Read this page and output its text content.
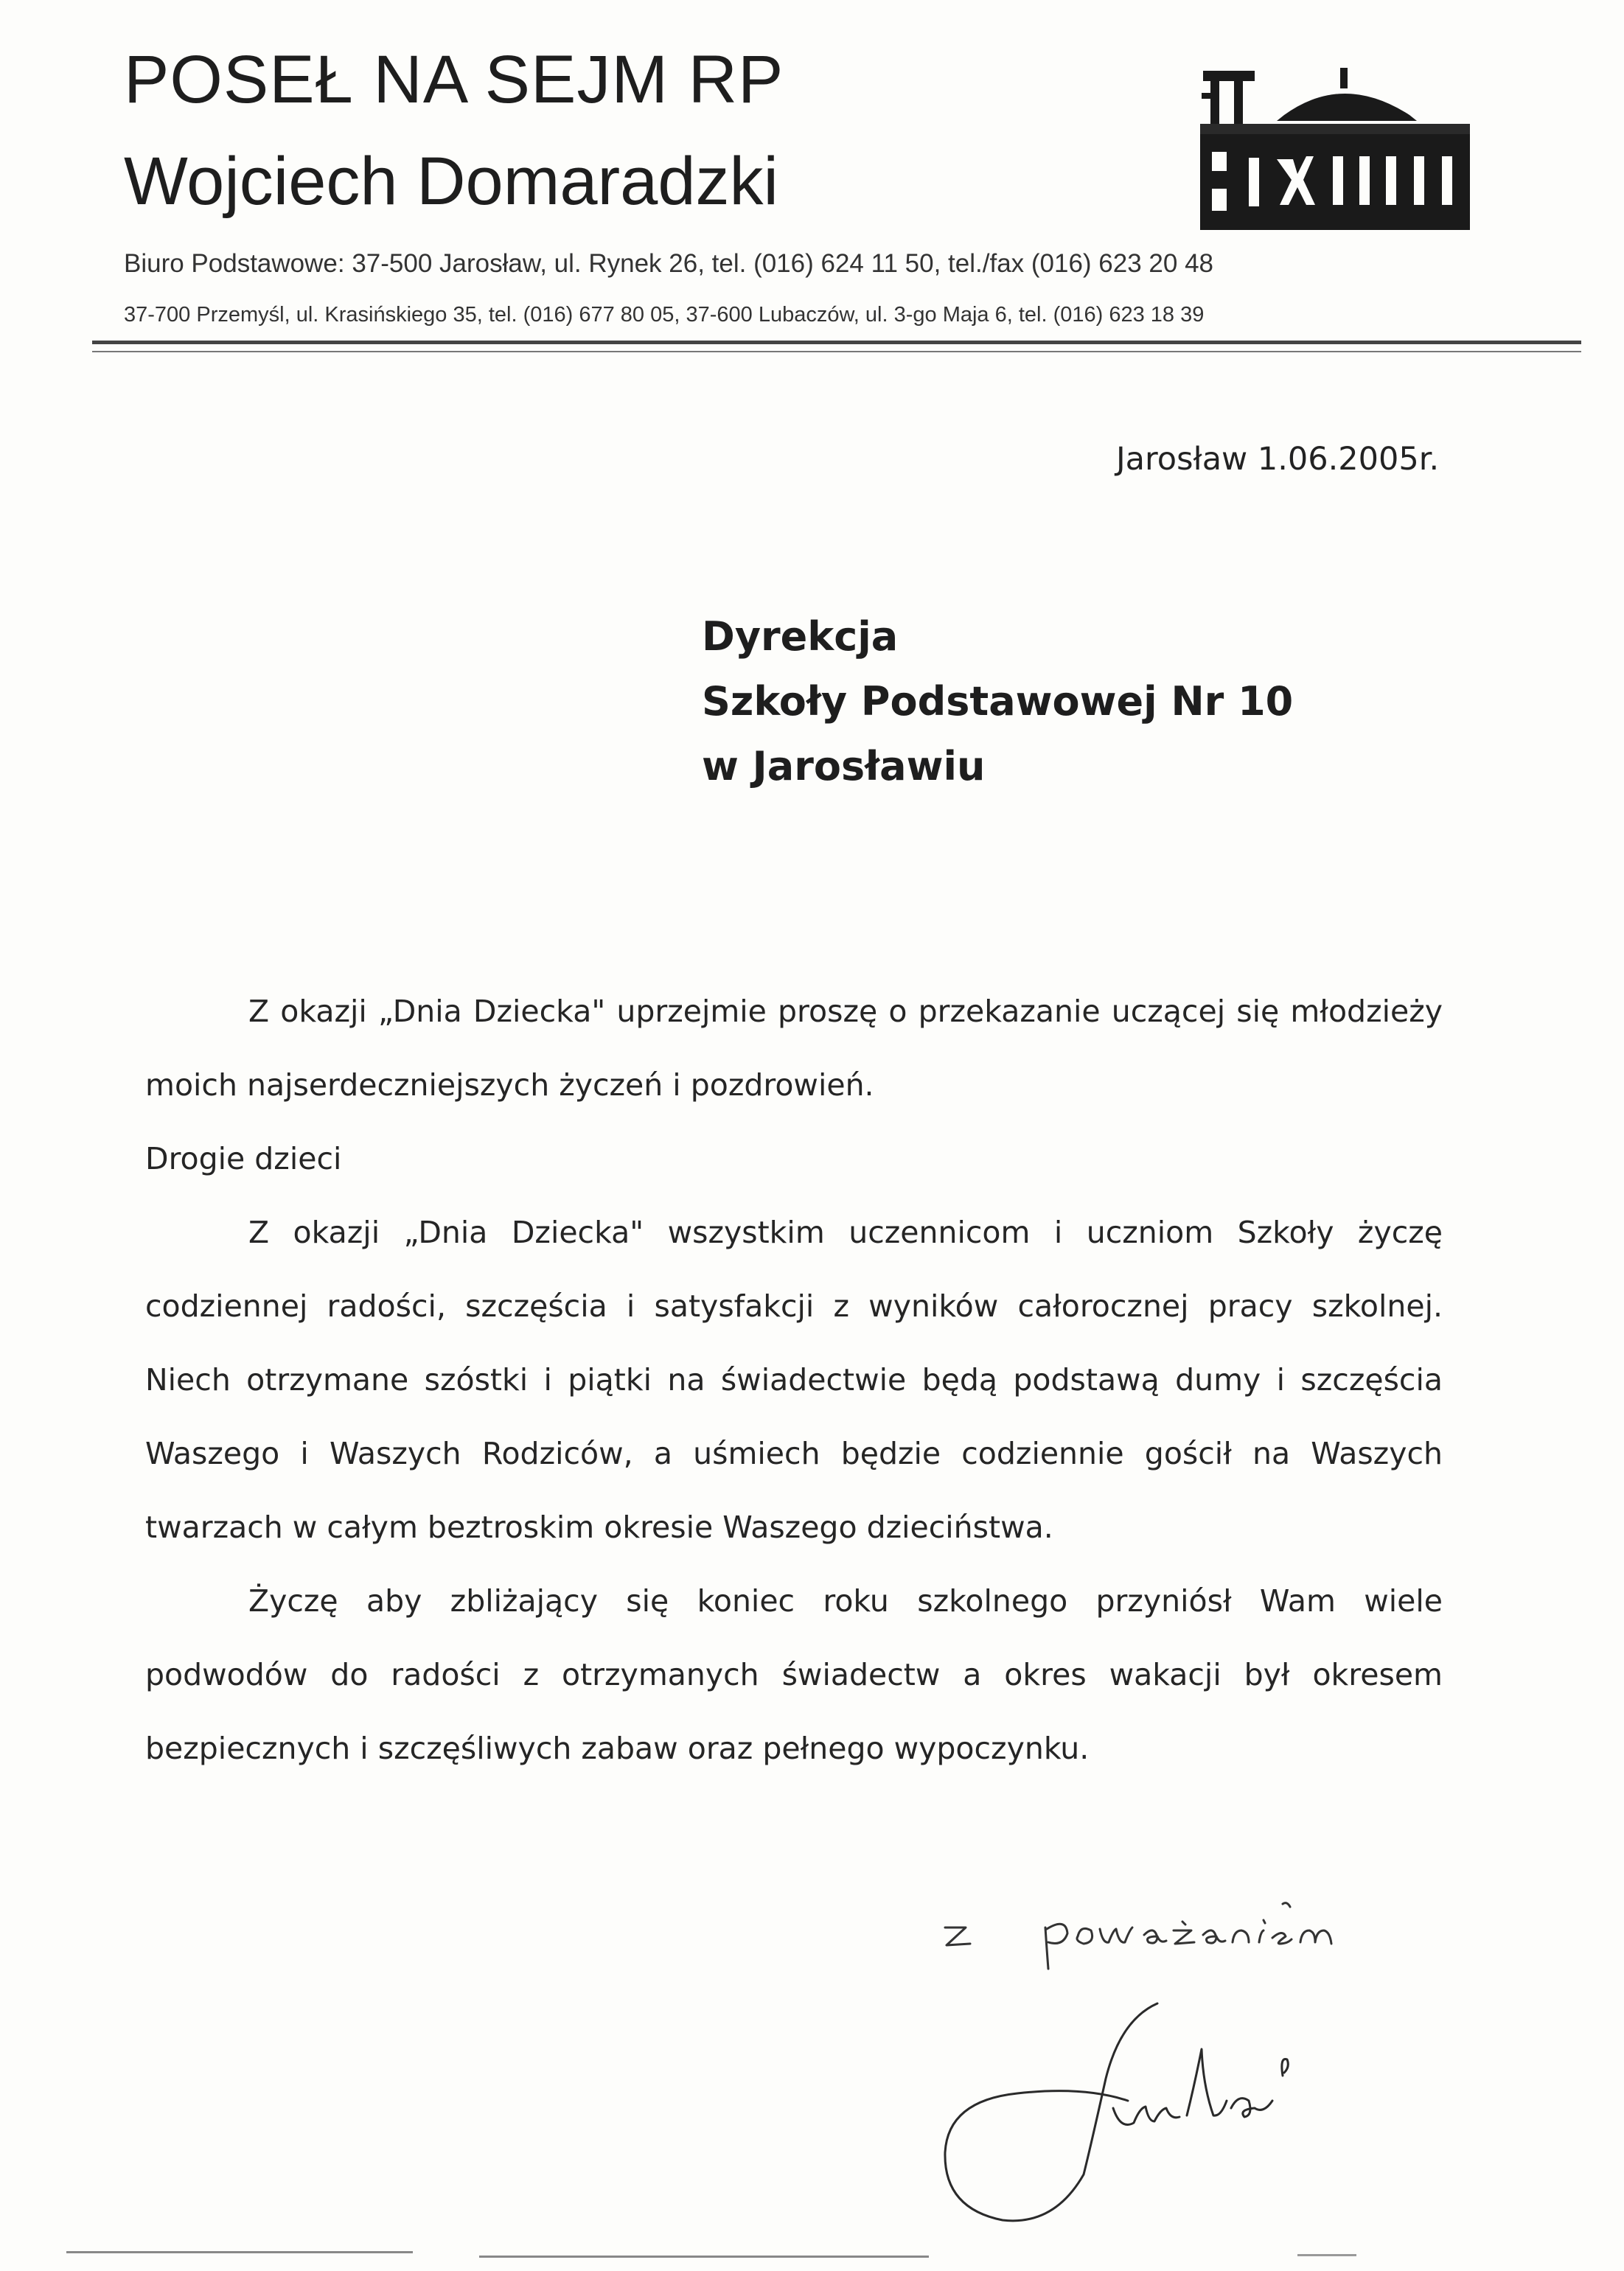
POSEŁ NA SEJM RP
Wojciech Domaradzki
Biuro Podstawowe: 37-500 Jarosław, ul. Rynek 26, tel. (016) 624 11 50, tel./fax (016) 623 20 48
37-700 Przemyśl, ul. Krasińskiego 35, tel. (016) 677 80 05, 37-600 Lubaczów, ul. 3-go Maja 6, tel. (016) 623 18 39
Jarosław 1.06.2005r.
Dyrekcja
Szkoły Podstawowej Nr 10
w Jarosławiu

Z okazji „Dnia Dziecka" uprzejmie proszę o przekazanie uczącej się młodzieży moich najserdeczniejszych życzeń i pozdrowień.

Drogie dzieci

Z okazji „Dnia Dziecka" wszystkim uczennicom i uczniom Szkoły życzę codziennej radości, szczęścia i satysfakcji z wyników całorocznej pracy szkolnej. Niech otrzymane szóstki i piątki na świadectwie będą podstawą dumy i szczęścia Waszego i Waszych Rodziców, a uśmiech będzie codziennie gościł na Waszych twarzach w całym beztroskim okresie Waszego dzieciństwa.

Życzę aby zbliżający się koniec roku szkolnego przyniósł Wam wiele podwodów do radości z otrzymanych świadectw a okres wakacji był okresem bezpiecznych i szczęśliwych zabaw oraz pełnego wypoczynku.
